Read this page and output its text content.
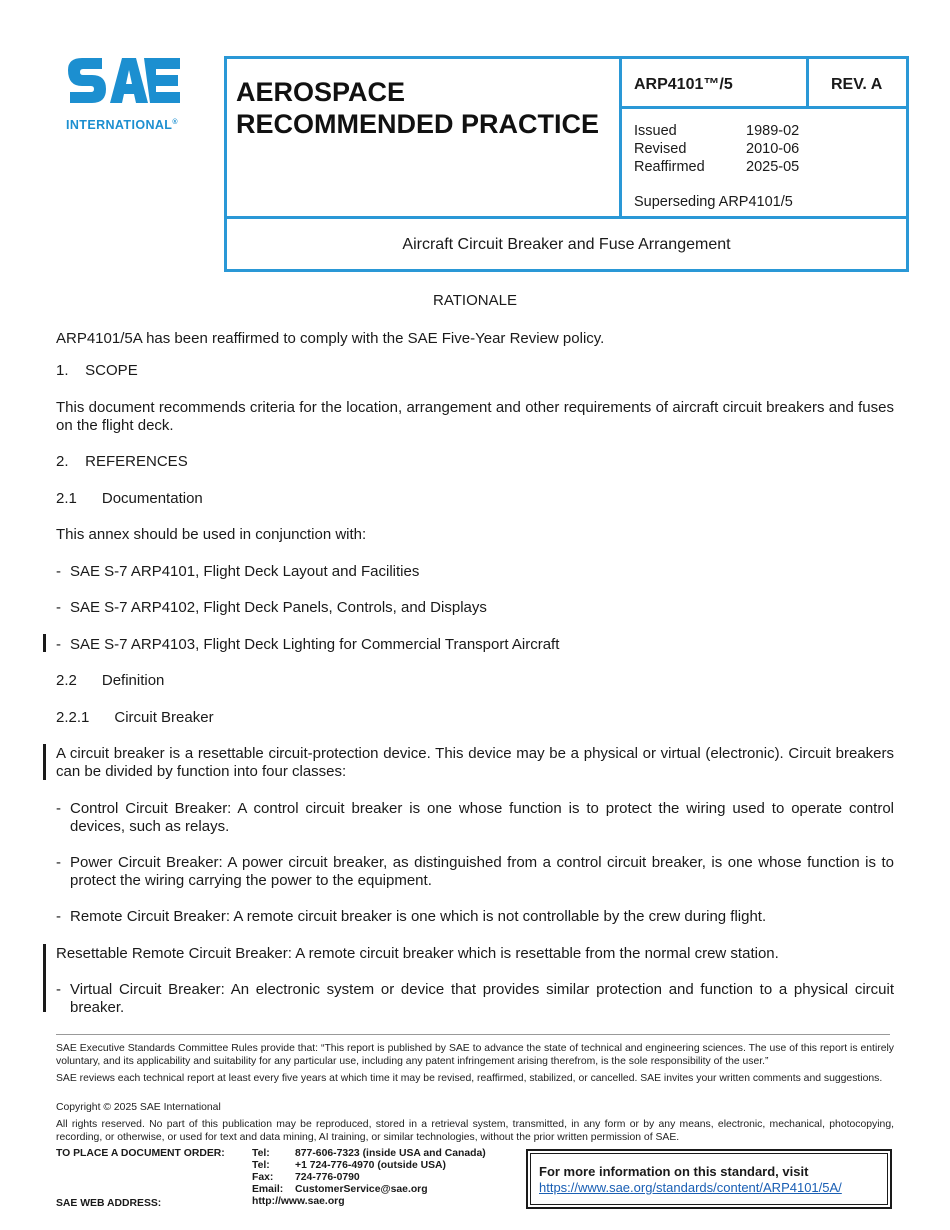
INTERNATIONAL®
AEROSPACE
RECOMMENDED PRACTICE
ARP4101™/5	REV. A
Issued	1989-02
Revised	2010-06
Reaffirmed	2025-05
Superseding ARP4101/5
Aircraft Circuit Breaker and Fuse Arrangement
RATIONALE
ARP4101/5A has been reaffirmed to comply with the SAE Five-Year Review policy.
1.    SCOPE
This document recommends criteria for the location, arrangement and other requirements of aircraft circuit breakers and fuses on the flight deck.
2.    REFERENCES
2.1      Documentation
This annex should be used in conjunction with:
- SAE S-7 ARP4101, Flight Deck Layout and Facilities
- SAE S-7 ARP4102, Flight Deck Panels, Controls, and Displays
- SAE S-7 ARP4103, Flight Deck Lighting for Commercial Transport Aircraft
2.2      Definition
2.2.1      Circuit Breaker
A circuit breaker is a resettable circuit-protection device. This device may be a physical or virtual (electronic). Circuit breakers can be divided by function into four classes:
- Control Circuit Breaker: A control circuit breaker is one whose function is to protect the wiring used to operate control devices, such as relays.
- Power Circuit Breaker: A power circuit breaker, as distinguished from a control circuit breaker, is one whose function is to protect the wiring carrying the power to the equipment.
- Remote Circuit Breaker: A remote circuit breaker is one which is not controllable by the crew during flight.
Resettable Remote Circuit Breaker: A remote circuit breaker which is resettable from the normal crew station.
- Virtual Circuit Breaker: An electronic system or device that provides similar protection and function to a physical circuit breaker.
SAE Executive Standards Committee Rules provide that: “This report is published by SAE to advance the state of technical and engineering sciences. The use of this report is entirely voluntary, and its applicability and suitability for any particular use, including any patent infringement arising therefrom, is the sole responsibility of the user.”
SAE reviews each technical report at least every five years at which time it may be revised, reaffirmed, stabilized, or cancelled. SAE invites your written comments and suggestions.
Copyright © 2025 SAE International
All rights reserved. No part of this publication may be reproduced, stored in a retrieval system, transmitted, in any form or by any means, electronic, mechanical, photocopying, recording, or otherwise, or used for text and data mining, AI training, or similar technologies, without the prior written permission of SAE.
TO PLACE A DOCUMENT ORDER:
SAE WEB ADDRESS:
Tel:	877-606-7323 (inside USA and Canada)
Tel:	+1 724-776-4970 (outside USA)
Fax:	724-776-0790
Email:	CustomerService@sae.org
http://www.sae.org
For more information on this standard, visit
https://www.sae.org/standards/content/ARP4101/5A/
